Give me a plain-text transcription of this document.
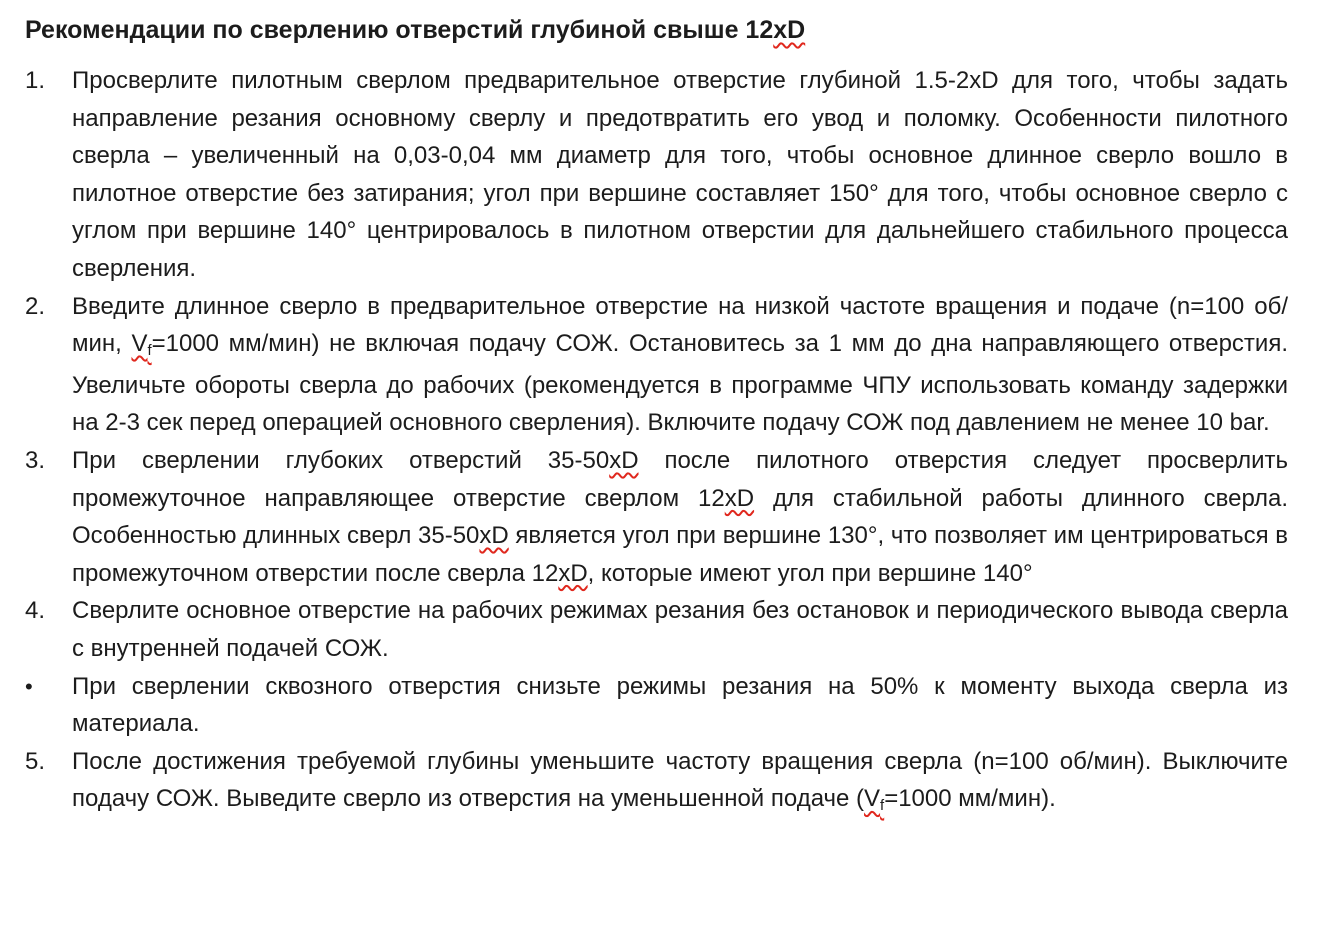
Рекомендации по сверлению отверстий глубиной свыше 12xD
1.	Просверлите пилотным сверлом предварительное отверстие глубиной 1.5-2xD для того, чтобы задать направление резания основному сверлу и предотвратить его увод и поломку. Особенности пилотного сверла – увеличенный на 0,03-0,04 мм диаметр для того, чтобы основное длинное сверло вошло в пилотное отверстие без затирания; угол при вершине составляет 150° для того, чтобы основное сверло с углом при вершине 140° центрировалось в пилотном отверстии для дальнейшего стабильного процесса сверления.
2.	Введите длинное сверло в предварительное отверстие на низкой частоте вращения и подаче (n=100 об/мин, Vf=1000 мм/мин) не включая подачу СОЖ. Остановитесь за 1 мм до дна направляющего отверстия. Увеличьте обороты сверла до рабочих (рекомендуется в программе ЧПУ использовать команду задержки на 2-3 сек перед операцией основного сверления). Включите подачу СОЖ под давлением не менее 10 bar.
3.	При сверлении глубоких отверстий 35-50xD после пилотного отверстия следует просверлить промежуточное направляющее отверстие сверлом 12xD для стабильной работы длинного сверла. Особенностью длинных сверл 35-50xD является угол при вершине 130°, что позволяет им центрироваться в промежуточном отверстии после сверла 12xD, которые имеют угол при вершине 140°
4.	Сверлите основное отверстие на рабочих режимах резания без остановок и периодического вывода сверла с внутренней подачей СОЖ.
•	При сверлении сквозного отверстия снизьте режимы резания на 50% к моменту выхода сверла из материала.
5.	После достижения требуемой глубины уменьшите частоту вращения сверла (n=100 об/мин). Выключите подачу СОЖ. Выведите сверло из отверстия на уменьшенной подаче (Vf=1000 мм/мин).
